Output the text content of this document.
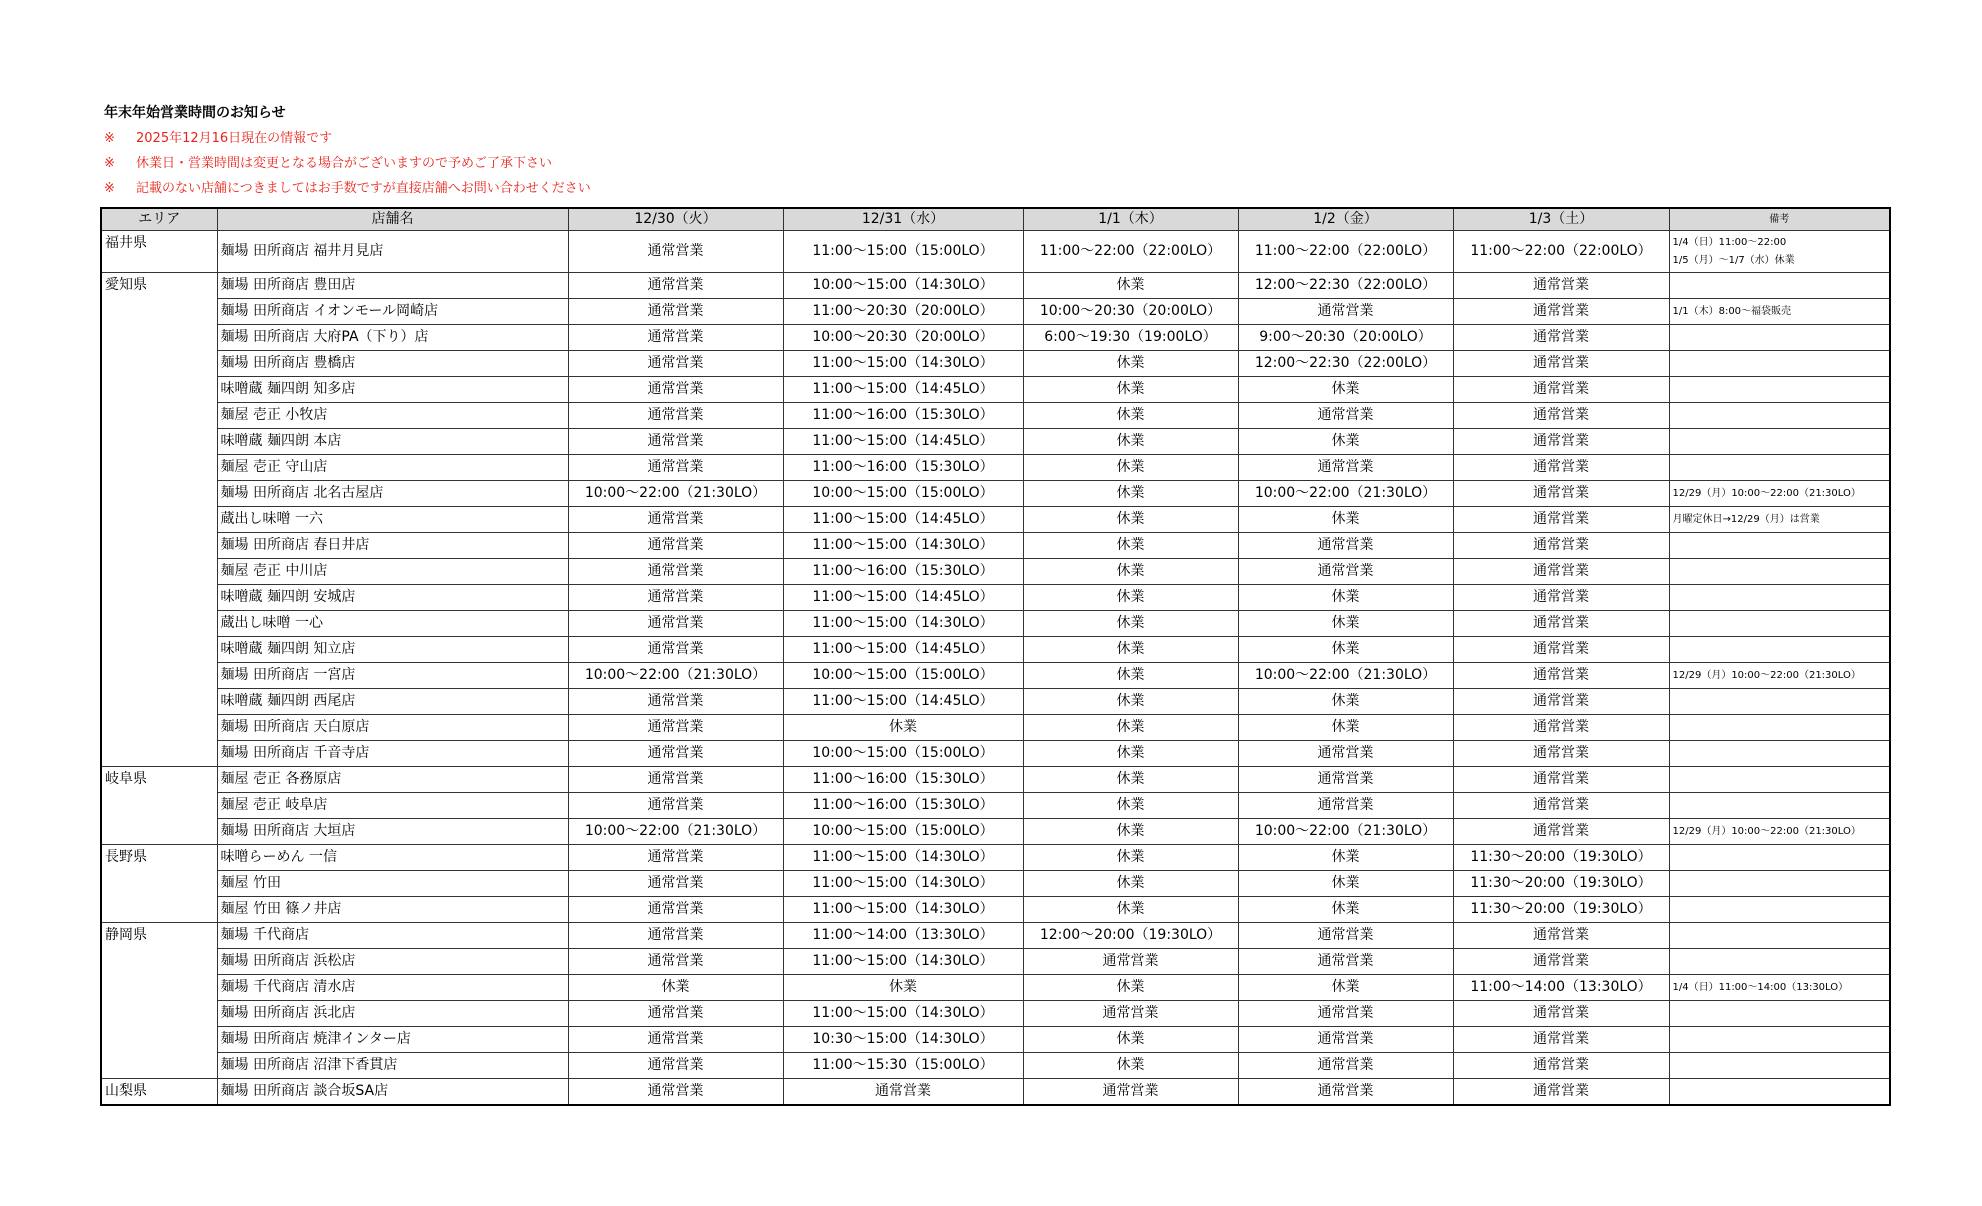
年末年始営業時間のお知らせ
※ 2025年12月16日現在の情報です
※ 休業日・営業時間は変更となる場合がございますので予めご了承下さい
※ 記載のない店舗につきましてはお手数ですが直接店舗へお問い合わせください
エリア	店舗名	12/30（火）	12/31（水）	1/1（木）	1/2（金）	1/3（土）	備考
福井県	麺場 田所商店 福井月見店	通常営業	11:00～15:00（15:00LO）	11:00～22:00（22:00LO）	11:00～22:00（22:00LO）	11:00～22:00（22:00LO）	1/4（日）11:00～22:00
1/5（月）～1/7（水）休業

愛知県	麺場 田所商店 豊田店	通常営業	10:00～15:00（14:30LO）	休業	12:00～22:30（22:00LO）	通常営業	
	麺場 田所商店 イオンモール岡崎店	通常営業	11:00～20:30（20:00LO）	10:00～20:30（20:00LO）	通常営業	通常営業	1/1（木）8:00～福袋販売

	麺場 田所商店 大府PA（下り）店	通常営業	10:00～20:30（20:00LO）	6:00～19:30（19:00LO）	9:00～20:30（20:00LO）	通常営業	
	麺場 田所商店 豊橋店	通常営業	11:00～15:00（14:30LO）	休業	12:00～22:30（22:00LO）	通常営業	
	味噌蔵 麺四朗 知多店	通常営業	11:00～15:00（14:45LO）	休業	休業	通常営業	
	麺屋 壱正 小牧店	通常営業	11:00～16:00（15:30LO）	休業	通常営業	通常営業	
	味噌蔵 麺四朗 本店	通常営業	11:00～15:00（14:45LO）	休業	休業	通常営業	
	麺屋 壱正 守山店	通常営業	11:00～16:00（15:30LO）	休業	通常営業	通常営業	
	麺場 田所商店 北名古屋店	10:00～22:00（21:30LO）	10:00～15:00（15:00LO）	休業	10:00～22:00（21:30LO）	通常営業	12/29（月）10:00～22:00（21:30LO）

	蔵出し味噌 一六	通常営業	11:00～15:00（14:45LO）	休業	休業	通常営業	月曜定休日→12/29（月）は営業

	麺場 田所商店 春日井店	通常営業	11:00～15:00（14:30LO）	休業	通常営業	通常営業	
	麺屋 壱正 中川店	通常営業	11:00～16:00（15:30LO）	休業	通常営業	通常営業	
	味噌蔵 麺四朗 安城店	通常営業	11:00～15:00（14:45LO）	休業	休業	通常営業	
	蔵出し味噌 一心	通常営業	11:00～15:00（14:30LO）	休業	休業	通常営業	
	味噌蔵 麺四朗 知立店	通常営業	11:00～15:00（14:45LO）	休業	休業	通常営業	
	麺場 田所商店 一宮店	10:00～22:00（21:30LO）	10:00～15:00（15:00LO）	休業	10:00～22:00（21:30LO）	通常営業	12/29（月）10:00～22:00（21:30LO）

	味噌蔵 麺四朗 西尾店	通常営業	11:00～15:00（14:45LO）	休業	休業	通常営業	
	麺場 田所商店 天白原店	通常営業	休業	休業	休業	通常営業	
	麺場 田所商店 千音寺店	通常営業	10:00～15:00（15:00LO）	休業	通常営業	通常営業	
岐阜県	麺屋 壱正 各務原店	通常営業	11:00～16:00（15:30LO）	休業	通常営業	通常営業	
	麺屋 壱正 岐阜店	通常営業	11:00～16:00（15:30LO）	休業	通常営業	通常営業	
	麺場 田所商店 大垣店	10:00～22:00（21:30LO）	10:00～15:00（15:00LO）	休業	10:00～22:00（21:30LO）	通常営業	12/29（月）10:00～22:00（21:30LO）

長野県	味噌らーめん 一信	通常営業	11:00～15:00（14:30LO）	休業	休業	11:30～20:00（19:30LO）	
	麺屋 竹田	通常営業	11:00～15:00（14:30LO）	休業	休業	11:30～20:00（19:30LO）	
	麺屋 竹田 篠ノ井店	通常営業	11:00～15:00（14:30LO）	休業	休業	11:30～20:00（19:30LO）	
静岡県	麺場 千代商店	通常営業	11:00～14:00（13:30LO）	12:00～20:00（19:30LO）	通常営業	通常営業	
	麺場 田所商店 浜松店	通常営業	11:00～15:00（14:30LO）	通常営業	通常営業	通常営業	
	麺場 千代商店 清水店	休業	休業	休業	休業	11:00～14:00（13:30LO）	1/4（日）11:00～14:00（13:30LO）

	麺場 田所商店 浜北店	通常営業	11:00～15:00（14:30LO）	通常営業	通常営業	通常営業	
	麺場 田所商店 焼津インター店	通常営業	10:30～15:00（14:30LO）	休業	通常営業	通常営業	
	麺場 田所商店 沼津下香貫店	通常営業	11:00～15:30（15:00LO）	休業	通常営業	通常営業	
山梨県	麺場 田所商店 談合坂SA店	通常営業	通常営業	通常営業	通常営業	通常営業	
